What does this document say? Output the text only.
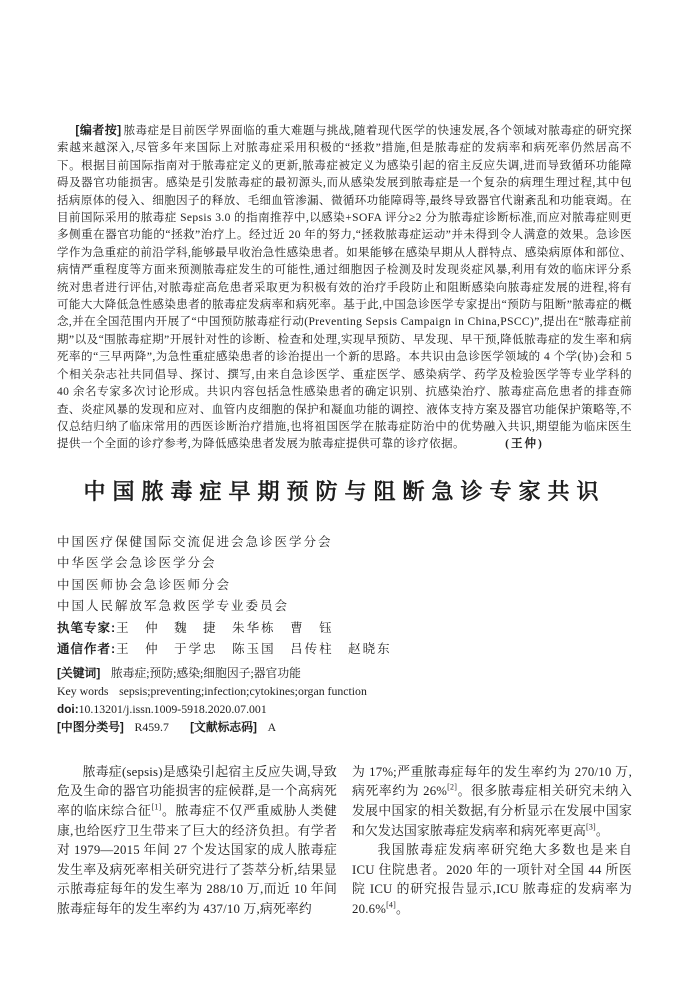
[编者按] 脓毒症是目前医学界面临的重大难题与挑战,随着现代医学的快速发展,各个领域对脓毒症的研究探索越来越深入,尽管多年来国际上对脓毒症采用积极的“拯救”措施,但是脓毒症的发病率和病死率仍然居高不下。根据目前国际指南对于脓毒症定义的更新,脓毒症被定义为感染引起的宿主反应失调,进而导致循环功能障碍及器官功能损害。感染是引发脓毒症的最初源头,而从感染发展到脓毒症是一个复杂的病理生理过程,其中包括病原体的侵入、细胞因子的释放、毛细血管渗漏、微循环功能障碍等,最终导致器官代谢紊乱和功能衰竭。在目前国际采用的脓毒症 Sepsis 3.0 的指南推荐中,以感染+SOFA 评分≥2 分为脓毒症诊断标准,而应对脓毒症则更多侧重在器官功能的“拯救”治疗上。经过近 20 年的努力,“拯救脓毒症运动”并未得到令人满意的效果。急诊医学作为急重症的前沿学科,能够最早收治急性感染患者。如果能够在感染早期从人群特点、感染病原体和部位、病情严重程度等方面来预测脓毒症发生的可能性,通过细胞因子检测及时发现炎症风暴,利用有效的临床评分系统对患者进行评估,对脓毒症高危患者采取更为积极有效的治疗手段防止和阻断感染向脓毒症发展的进程,将有可能大大降低急性感染患者的脓毒症发病率和病死率。基于此,中国急诊医学专家提出“预防与阻断”脓毒症的概念,并在全国范围内开展了“中国预防脓毒症行动(Preventing Sepsis Campaign in China,PSCC)”,提出在“脓毒症前期”以及“围脓毒症期”开展针对性的诊断、检查和处理,实现早预防、早发现、早干预,降低脓毒症的发生率和病死率的“三早两降”,为急性重症感染患者的诊治提出一个新的思路。本共识由急诊医学领域的 4 个学(协)会和 5 个相关杂志社共同倡导、探讨、撰写,由来自急诊医学、重症医学、感染病学、药学及检验医学等专业学科的 40 余名专家多次讨论形成。共识内容包括急性感染患者的确定识别、抗感染治疗、脓毒症高危患者的排查筛查、炎症风暴的发现和应对、血管内皮细胞的保护和凝血功能的调控、液体支持方案及器官功能保护策略等,不仅总结归纳了临床常用的西医诊断治疗措施,也将祖国医学在脓毒症防治中的优势融入共识,期望能为临床医生提供一个全面的诊疗参考,为降低感染患者发展为脓毒症提供可靠的诊疗依据。	(王仲)

中国脓毒症早期预防与阻断急诊专家共识
中国医疗保健国际交流促进会急诊医学分会
中华医学会急诊医学分会
中国医师协会急诊医师分会
中国人民解放军急救医学专业委员会
执笔专家:王　仲　魏　捷　朱华栋　曹　钰
通信作者:王　仲　于学忠　陈玉国　吕传柱　赵晓东
[关键词] 脓毒症;预防;感染;细胞因子;器官功能
Key words sepsis;preventing;infection;cytokines;organ function
doi:10.13201/j.issn.1009-5918.2020.07.001
[中图分类号] R459.7 [文献标志码] A

脓毒症(sepsis)是感染引起宿主反应失调,导致危及生命的器官功能损害的症候群,是一个高病死率的临床综合征[1]。脓毒症不仅严重威胁人类健康,也给医疗卫生带来了巨大的经济负担。有学者对 1979—2015 年间 27 个发达国家的成人脓毒症发生率及病死率相关研究进行了荟萃分析,结果显示脓毒症每年的发生率为 288/10 万,而近 10 年间脓毒症每年的发生率约为 437/10 万,病死率约

为 17%;严重脓毒症每年的发生率约为 270/10 万,病死率约为 26%[2]。很多脓毒症相关研究未纳入发展中国家的相关数据,有分析显示在发展中国家和欠发达国家脓毒症发病率和病死率更高[3]。

我国脓毒症发病率研究绝大多数也是来自 ICU 住院患者。2020 年的一项针对全国 44 所医院 ICU 的研究报告显示,ICU 脓毒症的发病率为 20.6%[4]。
